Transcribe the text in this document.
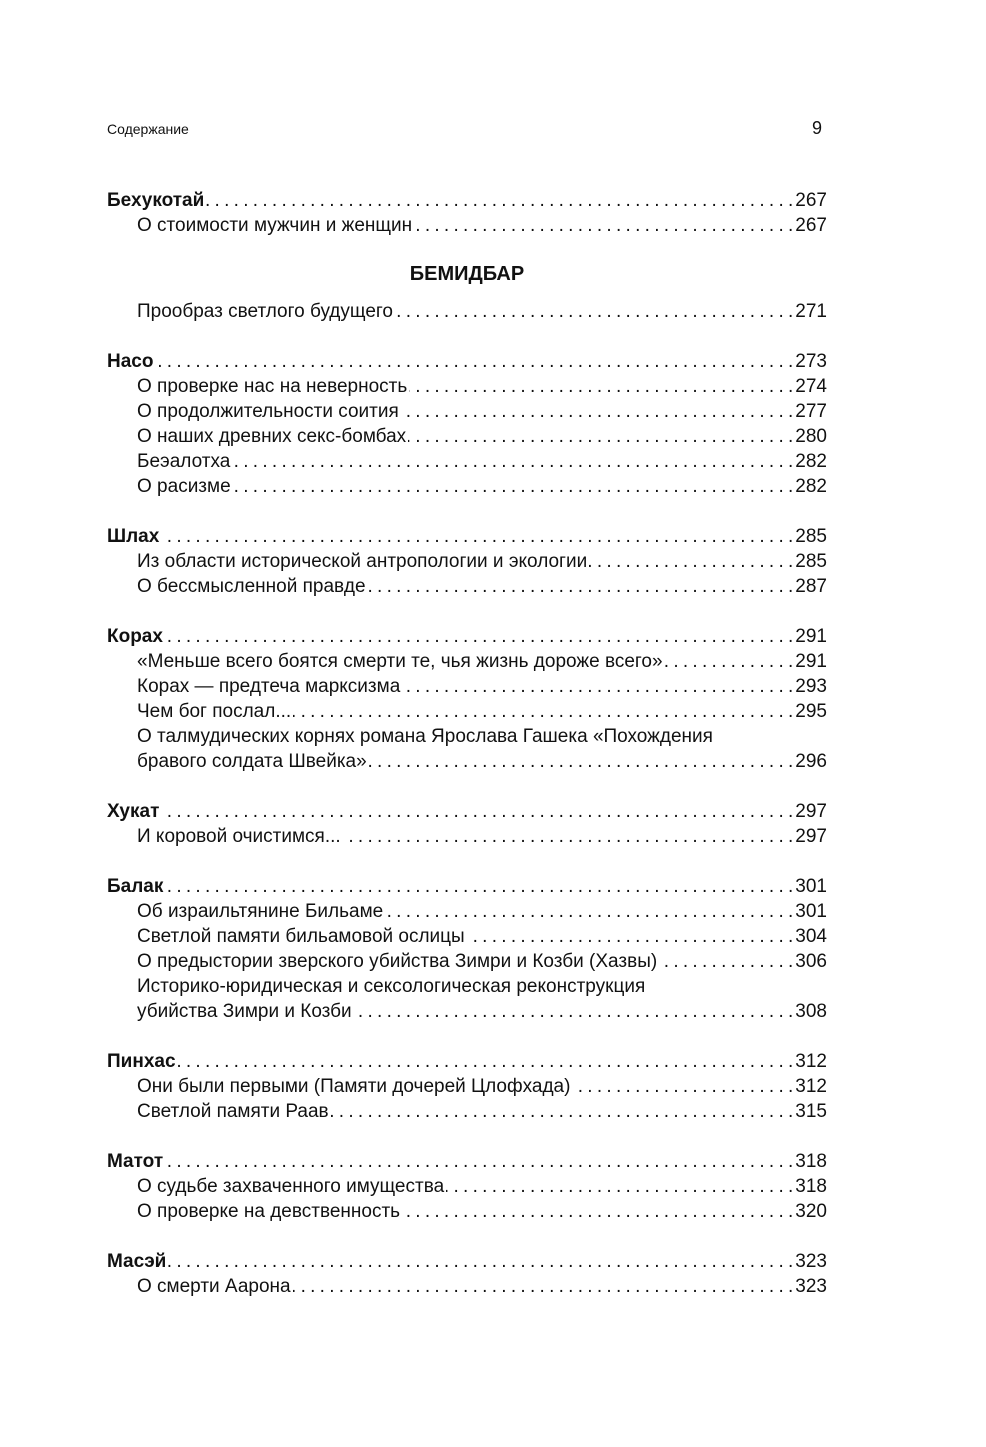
Содержание	9
Бехукотай . . .	267
О стоимости мужчин и женщин . . .	267
БЕМИДБАР
Прообраз светлого будущего . . .	271
Насо . . .	273
О проверке нас на неверность . . .	274
О продолжительности соития . . .	277
О наших древних секс-бомбах . . .	280
Беэалотха . . .	282
О расизме . . .	282
Шлах . . .	285
Из области исторической антропологии и экологии . . .	285
О бессмысленной правде . . .	287
Корах . . .	291
«Меньше всего боятся смерти те, чья жизнь дороже всего» . . .	291
Корах — предтеча марксизма . . .	293
Чем бог послал... . . .	295
О талмудических корнях романа Ярослава Гашека «Похождения
бравого солдата Швейка» . . .	296
Хукат . . .	297
И коровой очистимся... . . .	297
Балак . . .	301
Об израильтянине Бильаме . . .	301
Светлой памяти бильамовой ослицы . . .	304
О предыстории зверского убийства Зимри и Козби (Хазвы) . . .	306
Историко-юридическая и сексологическая реконструкция
убийства Зимри и Козби . . .	308
Пинхас . . .	312
Они были первыми (Памяти дочерей Цлофхада) . . .	312
Светлой памяти Раав . . .	315
Матот . . .	318
О судьбе захваченного имущества . . .	318
О проверке на девственность . . .	320
Масэй . . .	323
О смерти Аарона . . .	323
